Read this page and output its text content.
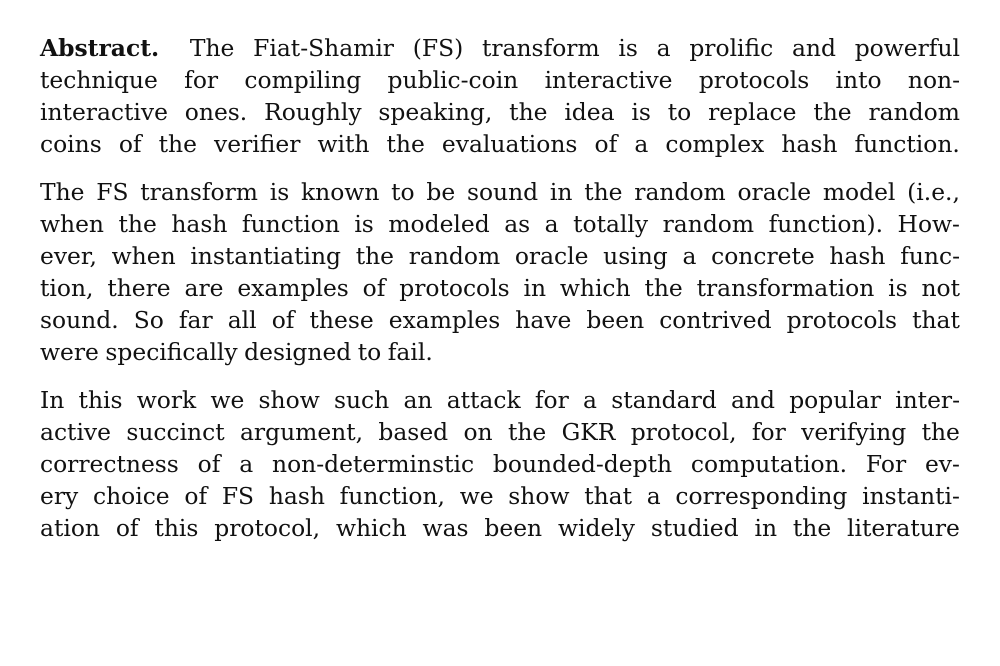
Abstract. The Fiat-Shamir (FS) transform is a prolific and powerful
technique for compiling public-coin interactive protocols into non-
interactive ones. Roughly speaking, the idea is to replace the random
coins of the verifier with the evaluations of a complex hash function.
The FS transform is known to be sound in the random oracle model (i.e.,
when the hash function is modeled as a totally random function). How-
ever, when instantiating the random oracle using a concrete hash func-
tion, there are examples of protocols in which the transformation is not
sound. So far all of these examples have been contrived protocols that
were specifically designed to fail.
In this work we show such an attack for a standard and popular inter-
active succinct argument, based on the GKR protocol, for verifying the
correctness of a non-determinstic bounded-depth computation. For ev-
ery choice of FS hash function, we show that a corresponding instanti-
ation of this protocol, which was been widely studied in the literature
